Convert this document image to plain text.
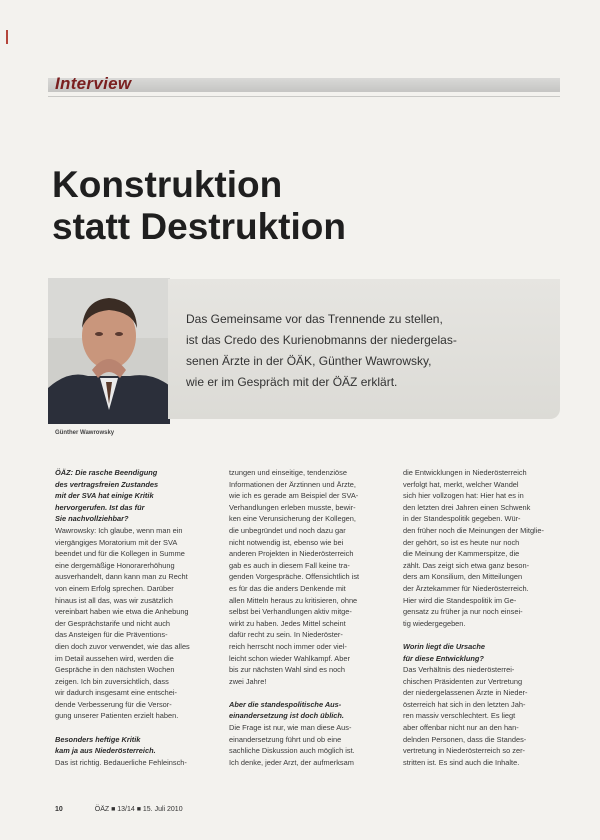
Interview
Konstruktion
statt Destruktion
Das Gemeinsame vor das Trennende zu stellen,
ist das Credo des Kurienobmanns der niedergelas-
senen Ärzte in der ÖÄK, Günther Wawrowsky,
wie er im Gespräch mit der ÖÄZ erklärt.
Günther Wawrowsky
ÖÄZ: Die rasche Beendigung
des vertragsfreien Zustandes
mit der SVA hat einige Kritik
hervorgerufen. Ist das für
Sie nachvollziehbar?
Wawrowsky: Ich glaube, wenn man ein
viergängiges Moratorium mit der SVA
beendet und für die Kollegen in Summe
eine dergemäßige Honorarerhöhung
ausverhandelt, dann kann man zu Recht
von einem Erfolg sprechen. Darüber
hinaus ist all das, was wir zusätzlich
vereinbart haben wie etwa die Anhebung
der Gesprächstarife und nicht auch
das Ansteigen für die Präventions-
dien doch zuvor verwendet, wie das alles
im Detail aussehen wird, werden die
Gespräche in den nächsten Wochen
zeigen. Ich bin zuversichtlich, dass
wir dadurch insgesamt eine entschei-
dende Verbesserung für die Versor-
gung unserer Patienten erzielt haben.
Besonders heftige Kritik
kam ja aus Niederösterreich.
Das ist richtig. Bedauerliche Fehleinsch-
tzungen und einseitige, tendenziöse
Informationen der Ärztinnen und Ärzte,
wie ich es gerade am Beispiel der SVA-
Verhandlungen erleben musste, bewir-
ken eine Verunsicherung der Kollegen,
die unbegründet und noch dazu gar
nicht notwendig ist, ebenso wie bei
anderen Projekten in Niederösterreich
gab es auch in diesem Fall keine tra-
genden Vorgespräche. Offensichtlich ist
es für das die anders Denkende mit
allen Mitteln heraus zu kritisieren, ohne
selbst bei Verhandlungen aktiv mitge-
wirkt zu haben. Jedes Mittel scheint
dafür recht zu sein. In Niederöster-
reich herrscht noch immer oder viel-
leicht schon wieder Wahlkampf. Aber
bis zur nächsten Wahl sind es noch
zwei Jahre!
Aber die standespolitische Aus-
einandersetzung ist doch üblich.
Die Frage ist nur, wie man diese Aus-
einandersetzung führt und ob eine
sachliche Diskussion auch möglich ist.
Ich denke, jeder Arzt, der aufmerksam
die Entwicklungen in Niederösterreich
verfolgt hat, merkt, welcher Wandel
sich hier vollzogen hat: Hier hat es in
den letzten drei Jahren einen Schwenk
in der Standespolitik gegeben. Wür-
den früher noch die Meinungen der Mitglie-
der gehört, so ist es heute nur noch
die Meinung der Kammerspitze, die
zählt. Das zeigt sich etwa ganz beson-
ders am Konsilium, den Mitteilungen
der Ärztekammer für Niederösterreich.
Hier wird die Standespolitik im Ge-
gensatz zu früher ja nur noch einsei-
tig wiedergegeben.
Worin liegt die Ursache
für diese Entwicklung?
Das Verhältnis des niederösterrei-
chischen Präsidenten zur Vertretung
der niedergelassenen Ärzte in Nieder-
österreich hat sich in den letzten Jah-
ren massiv verschlechtert. Es liegt
aber offenbar nicht nur an den han-
delnden Personen, dass die Standes-
vertretung in Niederösterreich so zer-
stritten ist. Es sind auch die Inhalte.
10	ÖÄZ ■ 13/14 ■ 15. Juli 2010
